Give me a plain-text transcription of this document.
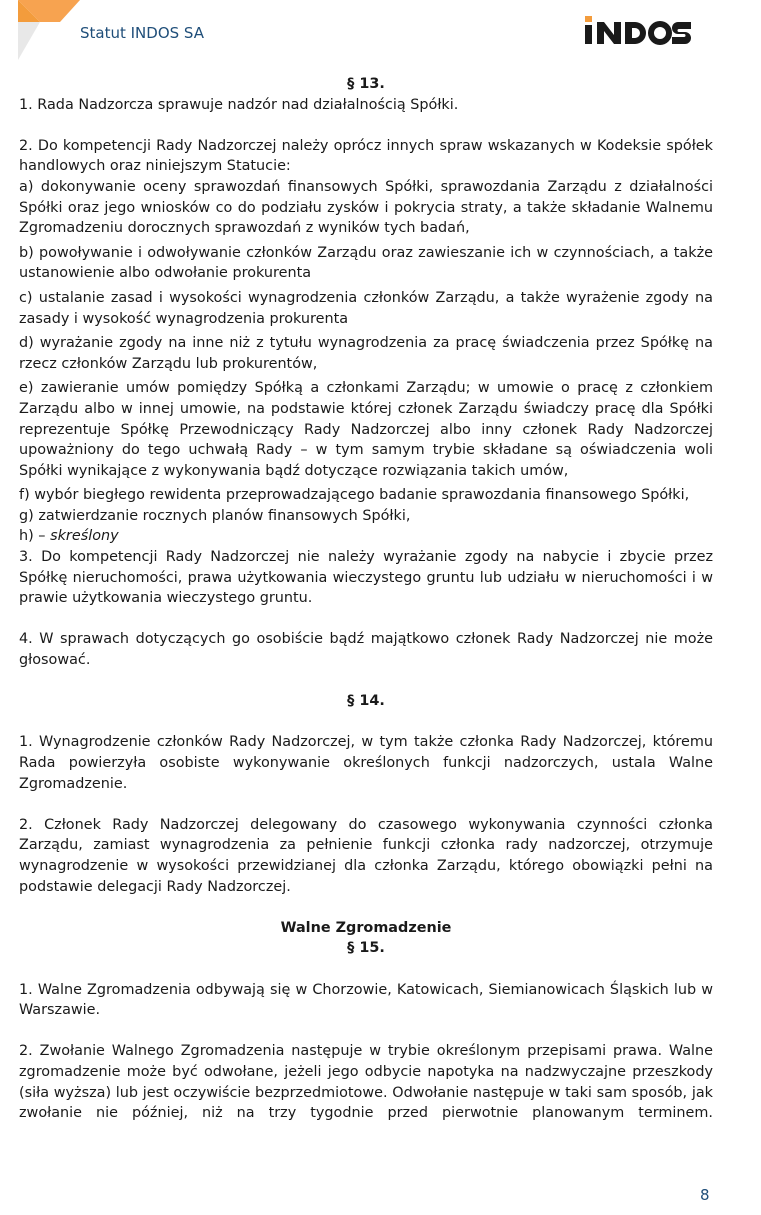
Statut INDOS SA

§ 13.

1. Rada Nadzorcza sprawuje nadzór nad działalnością Spółki.

2. Do kompetencji Rady Nadzorczej należy oprócz innych spraw wskazanych w Kodeksie spółek handlowych oraz niniejszym Statucie:

a) dokonywanie oceny sprawozdań finansowych Spółki, sprawozdania Zarządu z działalności Spółki oraz jego wniosków co do podziału zysków i pokrycia straty, a także składanie Walnemu Zgromadzeniu dorocznych sprawozdań z wyników tych badań,

b) powoływanie i odwoływanie członków Zarządu oraz zawieszanie ich w czynnościach, a także ustanowienie albo odwołanie prokurenta

c) ustalanie zasad i wysokości wynagrodzenia członków Zarządu, a także wyrażenie zgody na zasady i wysokość wynagrodzenia prokurenta

d) wyrażanie zgody na inne niż z tytułu wynagrodzenia za pracę świadczenia przez Spółkę na rzecz członków Zarządu lub prokurentów,

e) zawieranie umów pomiędzy Spółką a członkami Zarządu; w umowie o pracę z członkiem Zarządu albo w innej umowie, na podstawie której członek Zarządu świadczy pracę dla Spółki reprezentuje Spółkę Przewodniczący Rady Nadzorczej albo inny członek Rady Nadzorczej upoważniony do tego uchwałą Rady – w tym samym trybie składane są oświadczenia woli Spółki wynikające z wykonywania bądź dotyczące rozwiązania takich umów,

f) wybór biegłego rewidenta przeprowadzającego badanie sprawozdania finansowego Spółki,

g) zatwierdzanie rocznych planów finansowych Spółki,

h) – skreślony

3. Do kompetencji Rady Nadzorczej nie należy wyrażanie zgody na nabycie i zbycie przez Spółkę nieruchomości, prawa użytkowania wieczystego gruntu lub udziału w nieruchomości i w prawie użytkowania wieczystego gruntu.

4. W sprawach dotyczących go osobiście bądź majątkowo członek Rady Nadzorczej nie może głosować.

§ 14.

1. Wynagrodzenie członków Rady Nadzorczej, w tym także członka Rady Nadzorczej, któremu Rada powierzyła osobiste wykonywanie określonych funkcji nadzorczych, ustala Walne Zgromadzenie.

2. Członek Rady Nadzorczej delegowany do czasowego wykonywania czynności członka Zarządu, zamiast wynagrodzenia za pełnienie funkcji członka rady nadzorczej, otrzymuje wynagrodzenie w wysokości przewidzianej dla członka Zarządu, którego obowiązki pełni na podstawie delegacji Rady Nadzorczej.

Walne Zgromadzenie

§ 15.

1. Walne Zgromadzenia odbywają się w Chorzowie, Katowicach, Siemianowicach Śląskich lub w Warszawie.

2. Zwołanie Walnego Zgromadzenia następuje w trybie określonym przepisami prawa. Walne zgromadzenie może być odwołane, jeżeli jego odbycie napotyka na nadzwyczajne przeszkody (siła wyższa) lub jest oczywiście bezprzedmiotowe. Odwołanie następuje w taki sam sposób, jak zwołanie nie później, niż na trzy tygodnie przed pierwotnie planowanym terminem.

8
